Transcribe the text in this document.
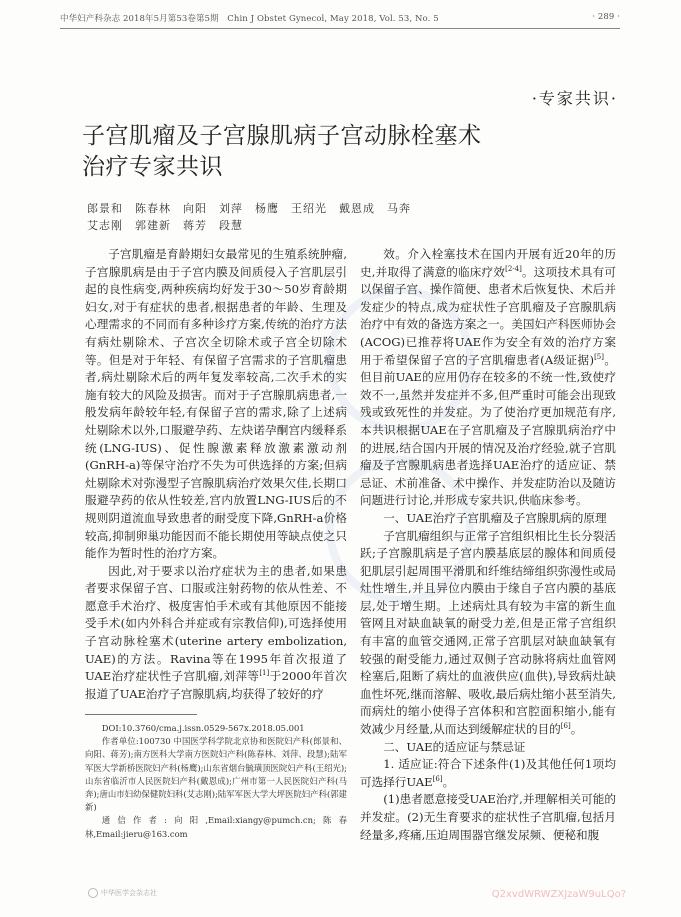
中华妇产科杂志 2018年5月第53卷第5期　Chin J Obstet Gynecol, May 2018, Vol. 53, No. 5	· 289 ·
·专家共识·
子宫肌瘤及子宫腺肌病子宫动脉栓塞术
治疗专家共识
郎景和　陈春林　向阳　刘萍　杨鹰　王绍光　戴恩成　马奔
艾志刚　郭建新　蒋芳　段慧

子宫肌瘤是育龄期妇女最常见的生殖系统肿瘤,子宫腺肌病是由于子宫内膜及间质侵入子宫肌层引起的良性病变,两种疾病均好发于30～50岁育龄期妇女,对于有症状的患者,根据患者的年龄、生理及心理需求的不同而有多种诊疗方案,传统的治疗方法有病灶剔除术、子宫次全切除术或子宫全切除术等。但是对于年轻、有保留子宫需求的子宫肌瘤患者,病灶剔除术后的两年复发率较高,二次手术的实施有较大的风险及损害。而对于子宫腺肌病患者,一般发病年龄较年轻,有保留子宫的需求,除了上述病灶剔除术以外,口服避孕药、左炔诺孕酮宫内缓释系统(LNG-IUS)、促性腺激素释放激素激动剂(GnRH-a)等保守治疗不失为可供选择的方案;但病灶剔除术对弥漫型子宫腺肌病治疗效果欠佳,长期口服避孕药的依从性较差,宫内放置LNG-IUS后的不规则阴道流血导致患者的耐受度下降,GnRH-a价格较高,抑制卵巢功能因而不能长期使用等缺点使之只能作为暂时性的治疗方案。

因此,对于要求以治疗症状为主的患者,如果患者要求保留子宫、口服或注射药物的依从性差、不愿意手术治疗、极度害怕手术或有其他原因不能接受手术(如内外科合并症或有宗教信仰),可选择使用子宫动脉栓塞术(uterine artery embolization, UAE)的方法。Ravina等在1995年首次报道了UAE治疗症状性子宫肌瘤,刘萍等[1]于2000年首次报道了UAE治疗子宫腺肌病,均获得了较好的疗

DOI:10.3760/cma.j.issn.0529-567x.2018.05.001

作者单位:100730 中国医学科学院北京协和医院妇产科(郎景和、向阳、蒋芳);南方医科大学南方医院妇产科(陈春林、刘萍、段慧);陆军军医大学新桥医院妇产科(杨鹰);山东省烟台毓璜顶医院妇产科(王绍光);山东省临沂市人民医院妇产科(戴恩成);广州市第一人民医院妇产科(马奔);唐山市妇幼保健院妇科(艾志刚);陆军军医大学大坪医院妇产科(郭建新)

通信作者:向阳,Email:xiangy@pumch.cn;陈春林,Email:jieru@163.com

效。介入栓塞技术在国内开展有近20年的历史,并取得了满意的临床疗效[2-4]。这项技术具有可以保留子宫、操作简便、患者术后恢复快、术后并发症少的特点,成为症状性子宫肌瘤及子宫腺肌病治疗中有效的备选方案之一。美国妇产科医师协会(ACOG)已推荐将UAE作为安全有效的治疗方案用于希望保留子宫的子宫肌瘤患者(A级证据)[5]。但目前UAE的应用仍存在较多的不统一性,致使疗效不一,虽然并发症并不多,但严重时可能会出现致残或致死性的并发症。为了使治疗更加规范有序,本共识根据UAE在子宫肌瘤及子宫腺肌病治疗中的进展,结合国内开展的情况及治疗经验,就子宫肌瘤及子宫腺肌病患者选择UAE治疗的适应证、禁忌证、术前准备、术中操作、并发症防治以及随访问题进行讨论,并形成专家共识,供临床参考。

一、UAE治疗子宫肌瘤及子宫腺肌病的原理

子宫肌瘤组织与正常子宫组织相比生长分裂活跃;子宫腺肌病是子宫内膜基底层的腺体和间质侵犯肌层引起周围平滑肌和纤维结缔组织弥漫性或局灶性增生,并且异位内膜由于缘自子宫内膜的基底层,处于增生期。上述病灶具有较为丰富的新生血管网且对缺血缺氧的耐受力差,但是正常子宫组织有丰富的血管交通网,正常子宫肌层对缺血缺氧有较强的耐受能力,通过双侧子宫动脉将病灶血管网栓塞后,阻断了病灶的血液供应(血供),导致病灶缺血性坏死,继而溶解、吸收,最后病灶缩小甚至消失,而病灶的缩小使得子宫体积和宫腔面积缩小,能有效减少月经量,从而达到缓解症状的目的[6]。

二、UAE的适应证与禁忌证

1. 适应证:符合下述条件(1)及其他任何1项均可选择行UAE[6]。

(1)患者愿意接受UAE治疗,并理解相关可能的并发症。(2)无生育要求的症状性子宫肌瘤,包括月经量多,疼痛,压迫周围器官继发尿频、便秘和腹

中华医学会杂志社	Q2xvdWRWZXJzaW9uLQo?
